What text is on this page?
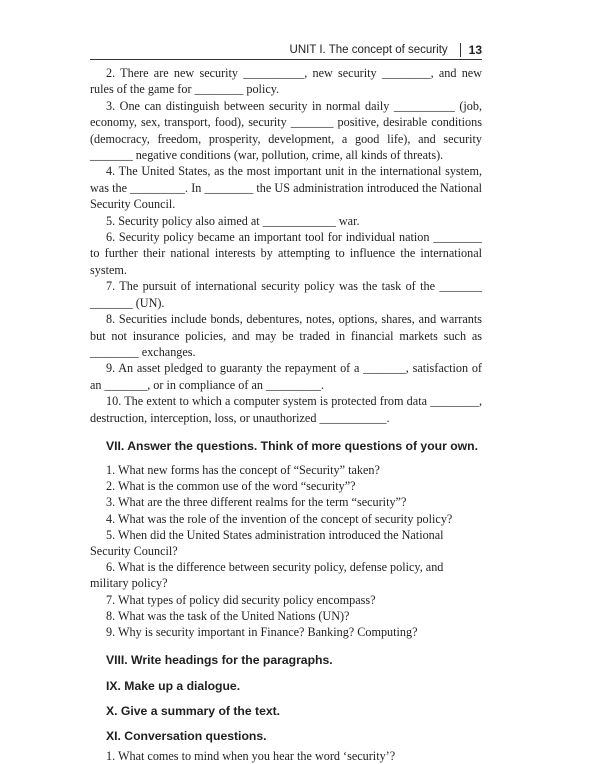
UNIT I. The concept of security 13

2. There are new security __________, new security ________, and new rules of the game for ________ policy.

3. One can distinguish between security in normal daily __________ (job, economy, sex, transport, food), security _______ positive, desirable conditions (democracy, freedom, prosperity, development, a good life), and security _______ negative conditions (war, pollution, crime, all kinds of threats).

4. The United States, as the most important unit in the international system, was the _________. In ________ the US administration introduced the National Security Council.

5. Security policy also aimed at ____________ war.

6. Security policy became an important tool for individual nation ________ to further their national interests by attempting to influence the international system.

7. The pursuit of international security policy was the task of the _______ _______ (UN).

8. Securities include bonds, debentures, notes, options, shares, and warrants but not insurance policies, and may be traded in financial markets such as ________ exchanges.

9. An asset pledged to guaranty the repayment of a _______, satisfaction of an _______, or in compliance of an _________.

10. The extent to which a computer system is protected from data ________, destruction, interception, loss, or unauthorized ___________.

VII. Answer the questions. Think of more questions of your own.

1. What new forms has the concept of “Security” taken?

2. What is the common use of the word “security”?

3. What are the three different realms for the term “security”?

4. What was the role of the invention of the concept of security policy?

5. When did the United States administration introduced the National Security Council?

6. What is the difference between security policy, defense policy, and military policy?

7. What types of policy did security policy encompass?

8. What was the task of the United Nations (UN)?

9. Why is security important in Finance? Banking? Computing?

VIII. Write headings for the paragraphs.
IX. Make up a dialogue.
X. Give a summary of the text.
XI. Conversation questions.

1. What comes to mind when you hear the word ‘security’?
